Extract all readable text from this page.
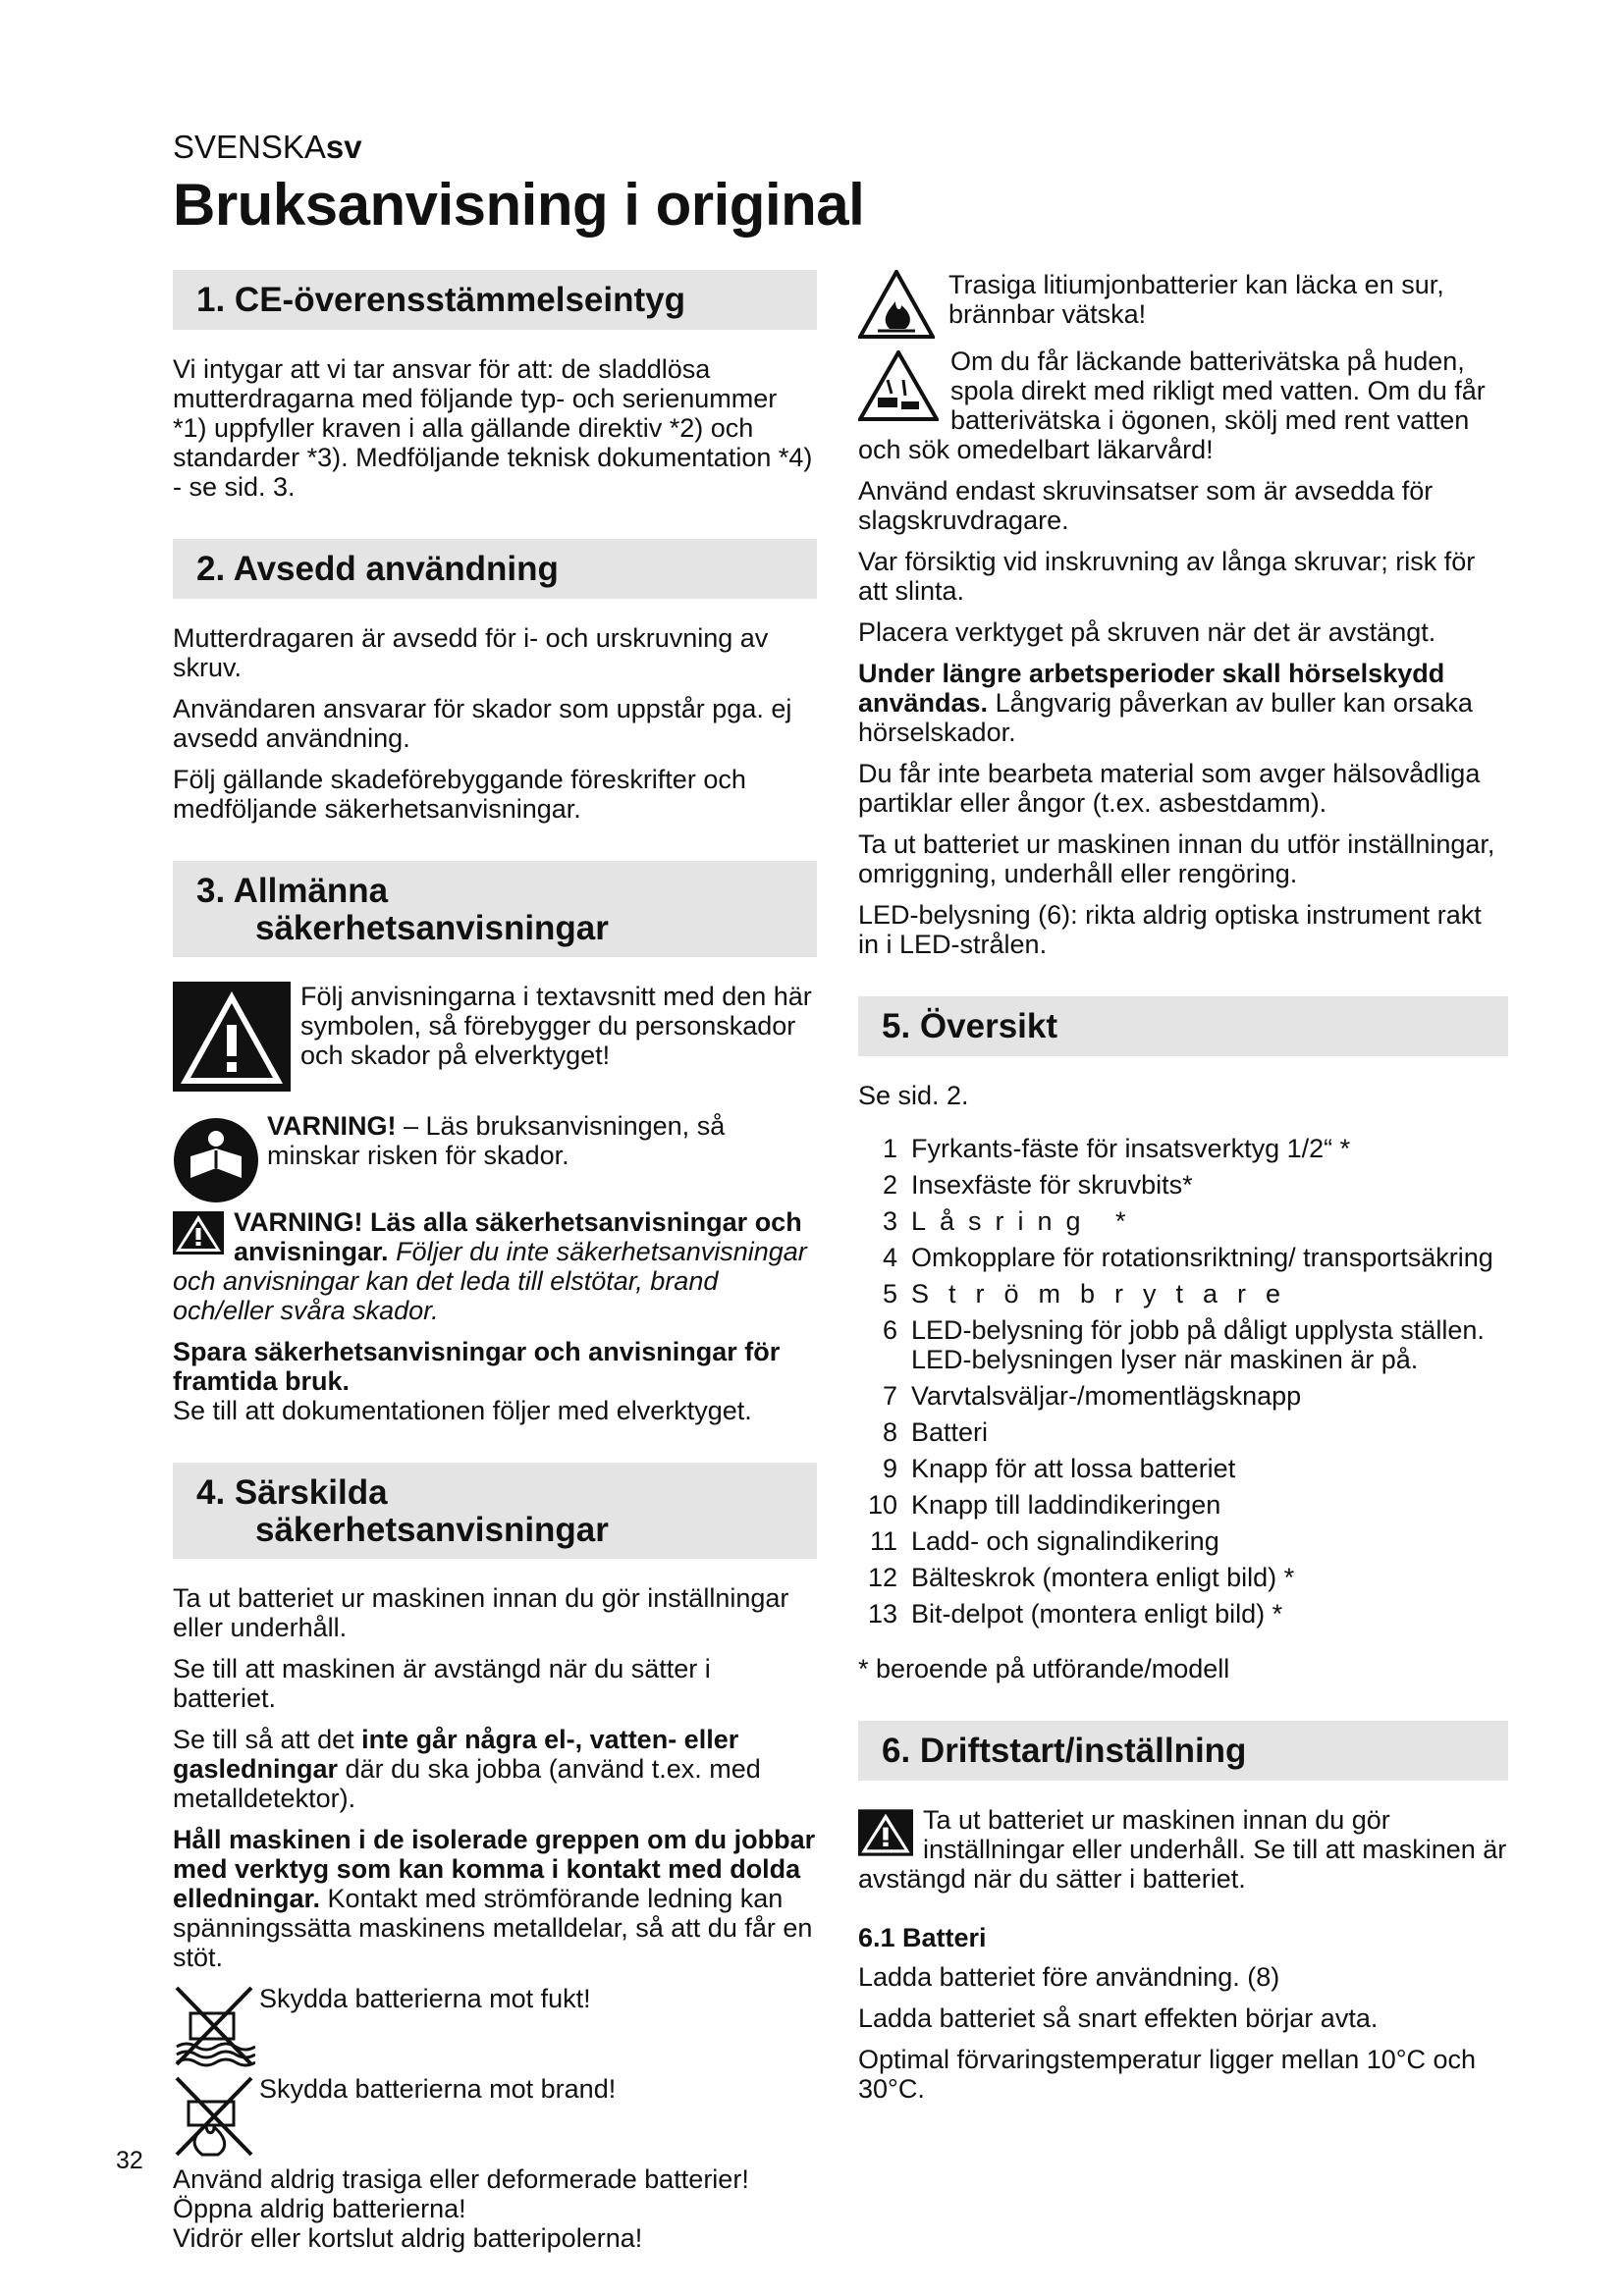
SVENSKAsv
Bruksanvisning i original
1. CE-överensstämmelseintyg

Vi intygar att vi tar ansvar för att: de sladdlösa mutterdragarna med följande typ- och serienummer *1) uppfyller kraven i alla gällande direktiv *2) och standarder *3). Medföljande teknisk dokumentation *4) - se sid. 3.

2. Avsedd användning

Mutterdragaren är avsedd för i- och urskruvning av skruv.

Användaren ansvarar för skador som uppstår pga. ej avsedd användning.

Följ gällande skadeförebyggande föreskrifter och medföljande säkerhetsanvisningar.

3. Allmänna
säkerhetsanvisningar
Följ anvisningarna i textavsnitt med den här symbolen, så förebygger du personskador och skador på elverktyget!
VARNING! – Läs bruksanvisningen, så minskar risken för skador.

VARNING! Läs alla säkerhetsanvisningar och anvisningar. Följer du inte säkerhetsanvisningar och anvisningar kan det leda till elstötar, brand och/eller svåra skador.

Spara säkerhetsanvisningar och anvisningar för framtida bruk.
Se till att dokumentationen följer med elverktyget.

4. Särskilda
säkerhetsanvisningar

Ta ut batteriet ur maskinen innan du gör inställningar eller underhåll.

Se till att maskinen är avstängd när du sätter i batteriet.

Se till så att det inte går några el-, vatten- eller gasledningar där du ska jobba (använd t.ex. med metalldetektor).

Håll maskinen i de isolerade greppen om du jobbar med verktyg som kan komma i kontakt med dolda elledningar. Kontakt med strömförande ledning kan spänningssätta maskinens metalldelar, så att du får en stöt.

Skydda batterierna mot fukt!
Skydda batterierna mot brand!

Använd aldrig trasiga eller deformerade batterier!
Öppna aldrig batterierna!
Vidrör eller kortslut aldrig batteripolerna!

Trasiga litiumjonbatterier kan läcka en sur, brännbar vätska!

Om du får läckande batterivätska på huden, spola direkt med rikligt med vatten. Om du får batterivätska i ögonen, skölj med rent vatten och sök omedelbart läkarvård!

Använd endast skruvinsatser som är avsedda för slagskruvdragare.

Var försiktig vid inskruvning av långa skruvar; risk för att slinta.

Placera verktyget på skruven när det är avstängt.

Under längre arbetsperioder skall hörselskydd användas. Långvarig påverkan av buller kan orsaka hörselskador.

Du får inte bearbeta material som avger hälsovådliga partiklar eller ångor (t.ex. asbestdamm).

Ta ut batteriet ur maskinen innan du utför inställningar, omriggning, underhåll eller rengöring.

LED-belysning (6): rikta aldrig optiska instrument rakt in i LED-strålen.

5. Översikt

Se sid. 2.

1 Fyrkants-fäste för insatsverktyg 1/2“ *
2 Insexfäste för skruvbits*
3 Låsring *
4 Omkopplare för rotationsriktning/ transportsäkring
5 Strömbrytare
6 LED-belysning för jobb på dåligt upplysta ställen. LED-belysningen lyser när maskinen är på.
7 Varvtalsväljar-/momentlägsknapp
8 Batteri
9 Knapp för att lossa batteriet
10 Knapp till laddindikeringen
11 Ladd- och signalindikering
12 Bälteskrok (montera enligt bild) *
13 Bit-delpot (montera enligt bild) *

* beroende på utförande/modell

6. Driftstart/inställning

Ta ut batteriet ur maskinen innan du gör inställningar eller underhåll. Se till att maskinen är avstängd när du sätter i batteriet.

6.1 Batteri

Ladda batteriet före användning. (8)

Ladda batteriet så snart effekten börjar avta.

Optimal förvaringstemperatur ligger mellan 10°C och 30°C.

32
